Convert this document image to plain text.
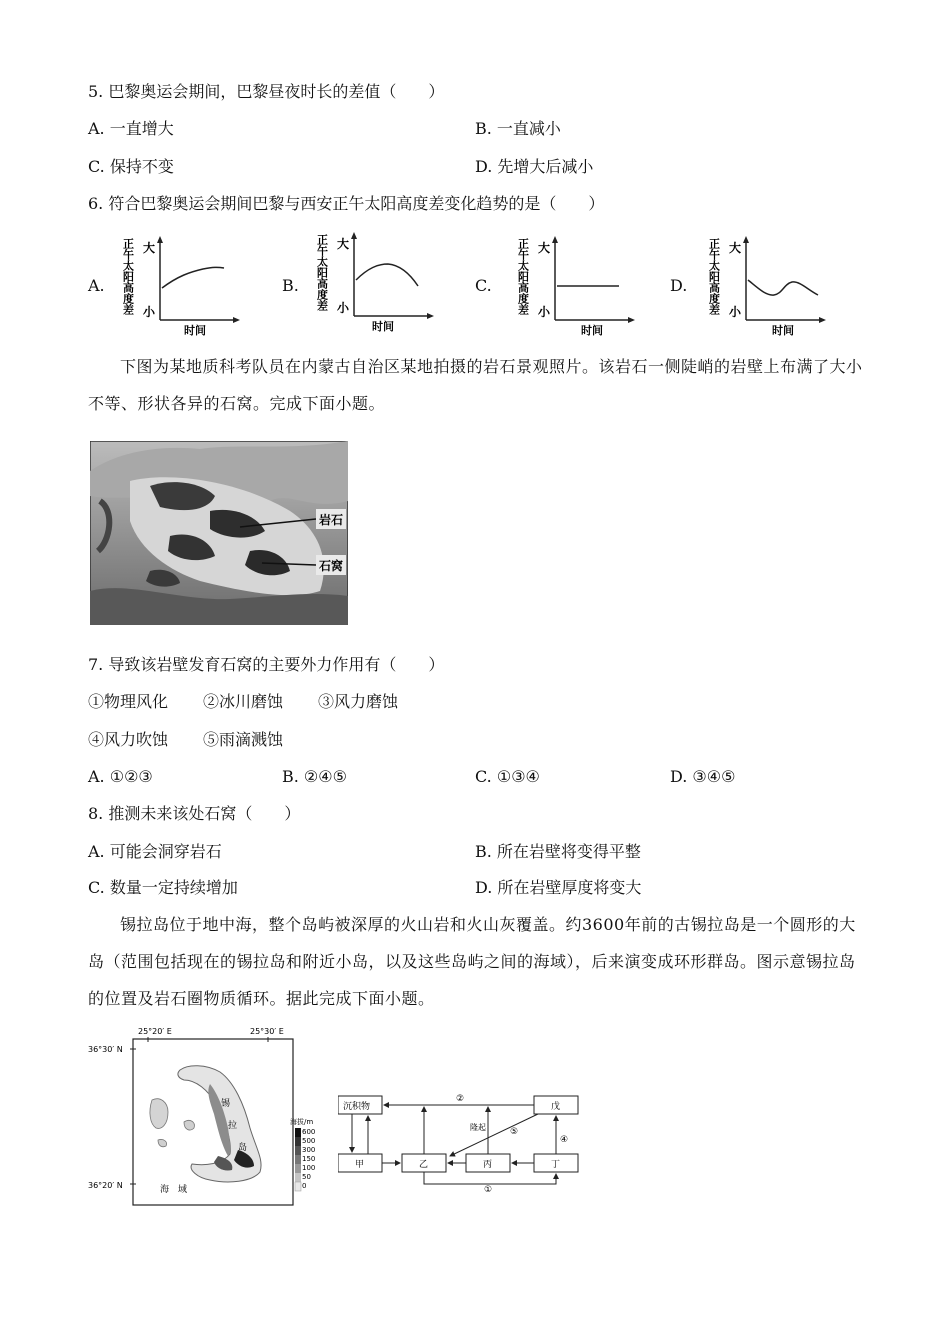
5. 巴黎奥运会期间，巴黎昼夜时长的差值（　　）
A. 一直增大	B. 一直减小
C. 保持不变	D. 先增大后减小
6. 符合巴黎奥运会期间巴黎与西安正午太阳高度差变化趋势的是（　　）
A.	B.	C.	D.
正午太阳高度差 大
小
时间
正午太阳高度差 大
小
时间
正午太阳高度差 大
小
时间
正午太阳高度差 大
小
时间
下图为某地质科考队员在内蒙古自治区某地拍摄的岩石景观照片。该岩石一侧陡峭的岩壁上布满了大小不等、形状各异的石窝。完成下面小题。
岩石
石窝
7. 导致该岩壁发育石窝的主要外力作用有（　　）
①物理风化 ②冰川磨蚀 ③风力磨蚀
④风力吹蚀 ⑤雨滴溅蚀
A. ①②③	B. ②④⑤	C. ①③④	D. ③④⑤
8. 推测未来该处石窝（　　）
A. 可能会洞穿岩石	B. 所在岩壁将变得平整
C. 数量一定持续增加	D. 所在岩壁厚度将变大
锡拉岛位于地中海，整个岛屿被深厚的火山岩和火山灰覆盖。约3600年前的古锡拉岛是一个圆形的大岛（范围包括现在的锡拉岛和附近小岛，以及这些岛屿之间的海域），后来演变成环形群岛。图示意锡拉岛的位置及岩石圈物质循环。据此完成下面小题。
25°20′ E	25°30′ E
36°30′ N
36°20′ N
锡
拉
岛
海　域
海拔/m
600
500
300
150
100
50
0
沉积物	戊
甲	乙	丙	丁
②
隆起	⑤
④
①
